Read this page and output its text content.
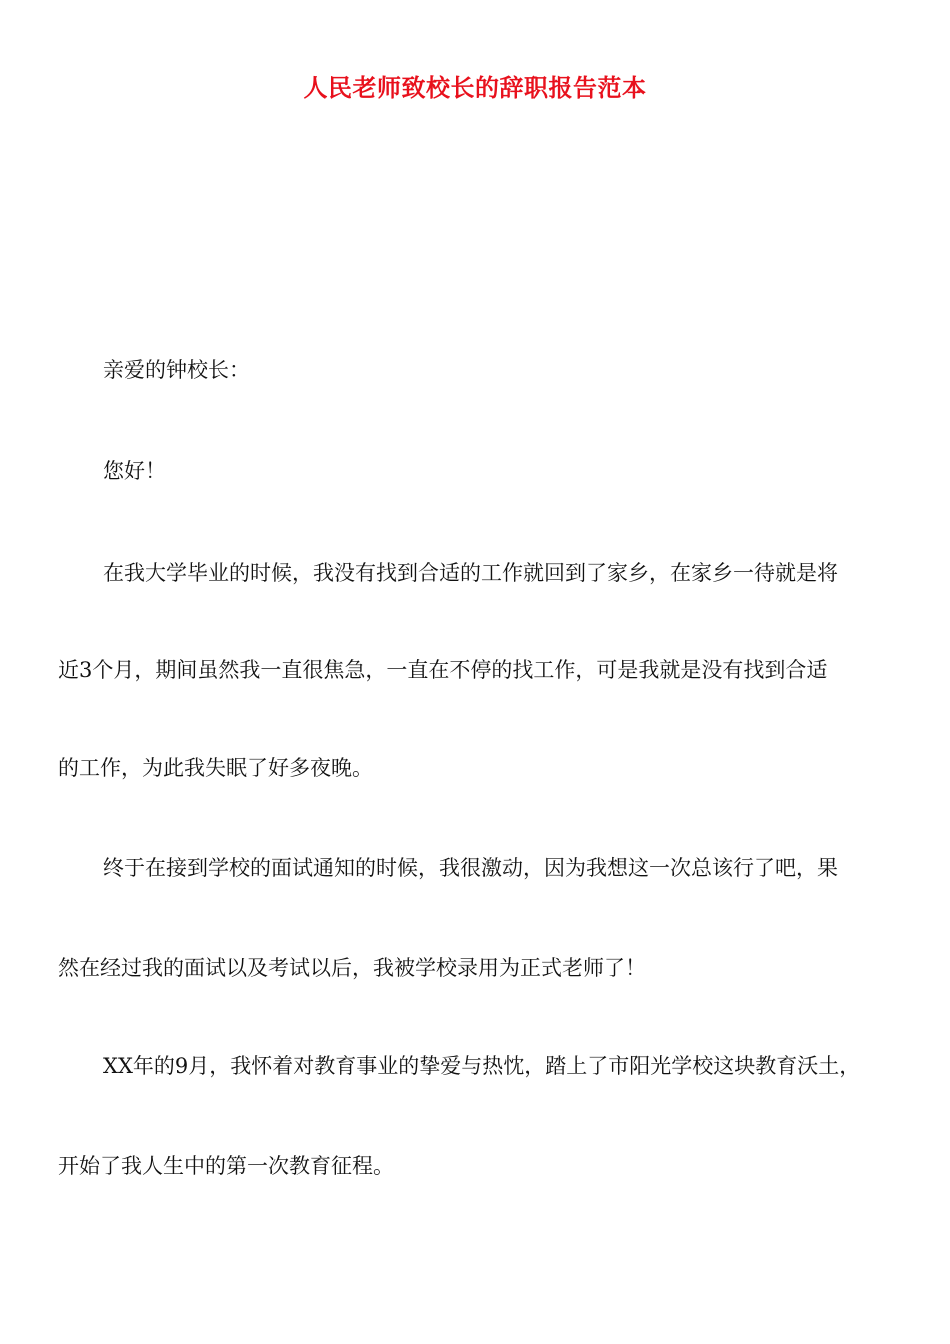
人民老师致校长的辞职报告范本
亲爱的钟校长：
您好！
在我大学毕业的时候，我没有找到合适的工作就回到了家乡，在家乡一待就是将
近3个月，期间虽然我一直很焦急，一直在不停的找工作，可是我就是没有找到合适
的工作，为此我失眠了好多夜晚。
终于在接到学校的面试通知的时候，我很激动，因为我想这一次总该行了吧，果
然在经过我的面试以及考试以后，我被学校录用为正式老师了！
XX年的9月，我怀着对教育事业的挚爱与热忱，踏上了市阳光学校这块教育沃土，
开始了我人生中的第一次教育征程。
